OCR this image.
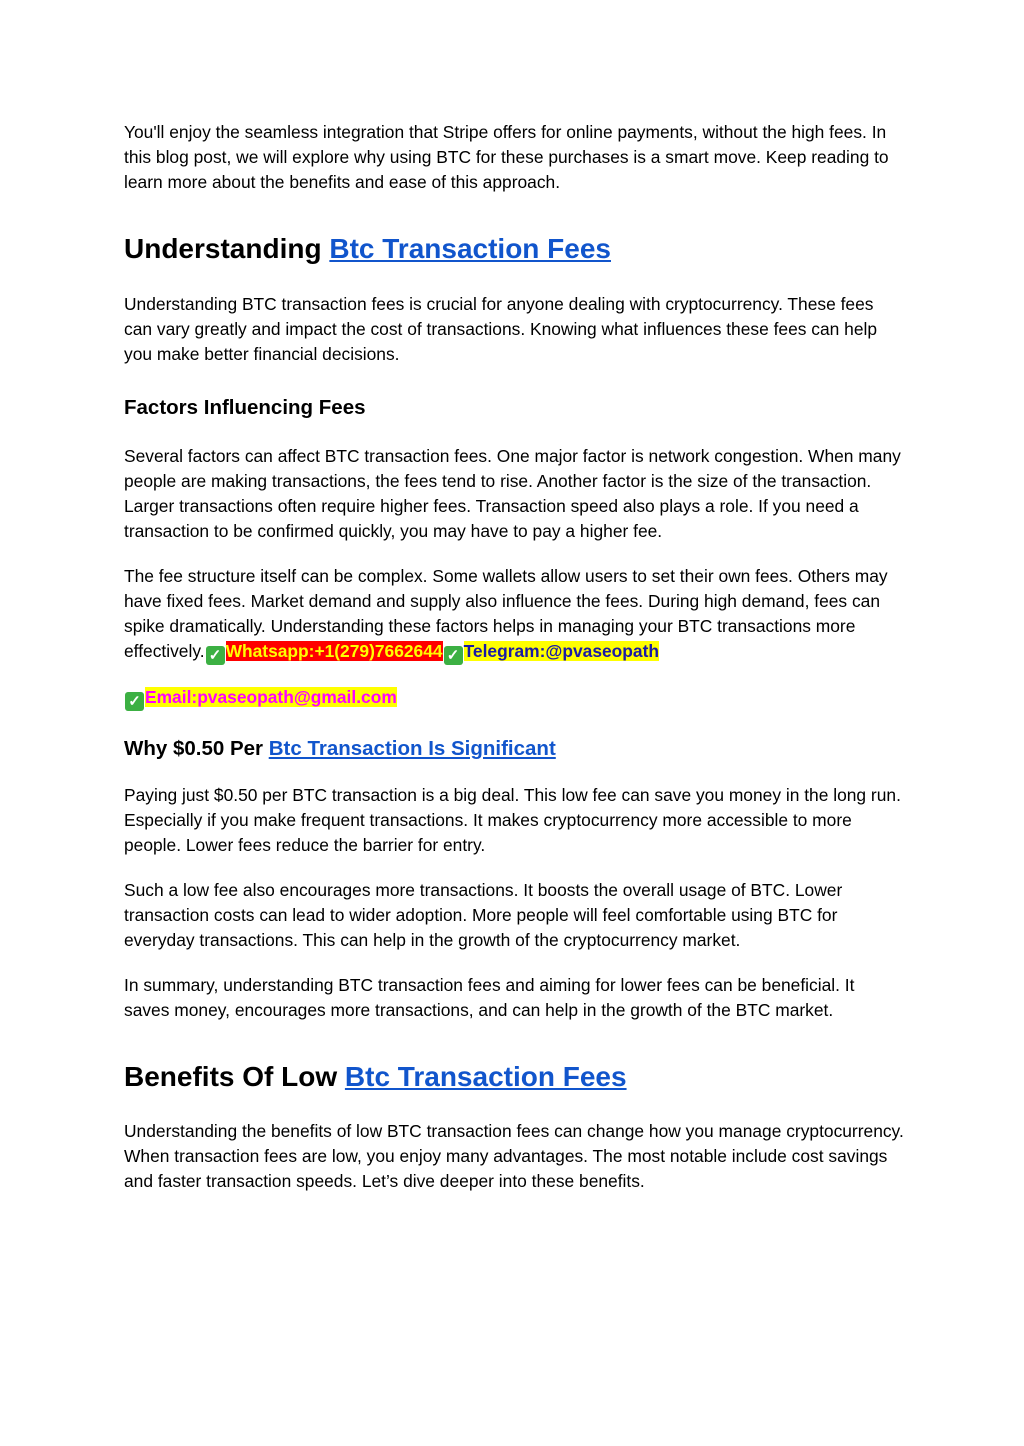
You'll enjoy the seamless integration that Stripe offers for online payments, without the high fees. In this blog post, we will explore why using BTC for these purchases is a smart move. Keep reading to learn more about the benefits and ease of this approach.

Understanding Btc Transaction Fees

Understanding BTC transaction fees is crucial for anyone dealing with cryptocurrency. These fees can vary greatly and impact the cost of transactions. Knowing what influences these fees can help you make better financial decisions.

Factors Influencing Fees

Several factors can affect BTC transaction fees. One major factor is network congestion. When many people are making transactions, the fees tend to rise. Another factor is the size of the transaction. Larger transactions often require higher fees. Transaction speed also plays a role. If you need a transaction to be confirmed quickly, you may have to pay a higher fee.

The fee structure itself can be complex. Some wallets allow users to set their own fees. Others may have fixed fees. Market demand and supply also influence the fees. During high demand, fees can spike dramatically. Understanding these factors helps in managing your BTC transactions more
effectively. ✓ Whatsapp:+1(279)7662644 ✓ Telegram:@pvaseopath

✓ Email:pvaseopath@gmail.com

Why $0.50 Per Btc Transaction Is Significant

Paying just $0.50 per BTC transaction is a big deal. This low fee can save you money in the long run. Especially if you make frequent transactions. It makes cryptocurrency more accessible to more people. Lower fees reduce the barrier for entry.

Such a low fee also encourages more transactions. It boosts the overall usage of BTC. Lower transaction costs can lead to wider adoption. More people will feel comfortable using BTC for everyday transactions. This can help in the growth of the cryptocurrency market.

In summary, understanding BTC transaction fees and aiming for lower fees can be beneficial. It saves money, encourages more transactions, and can help in the growth of the BTC market.

Benefits Of Low Btc Transaction Fees

Understanding the benefits of low BTC transaction fees can change how you manage cryptocurrency. When transaction fees are low, you enjoy many advantages. The most notable include cost savings and faster transaction speeds. Let’s dive deeper into these benefits.
